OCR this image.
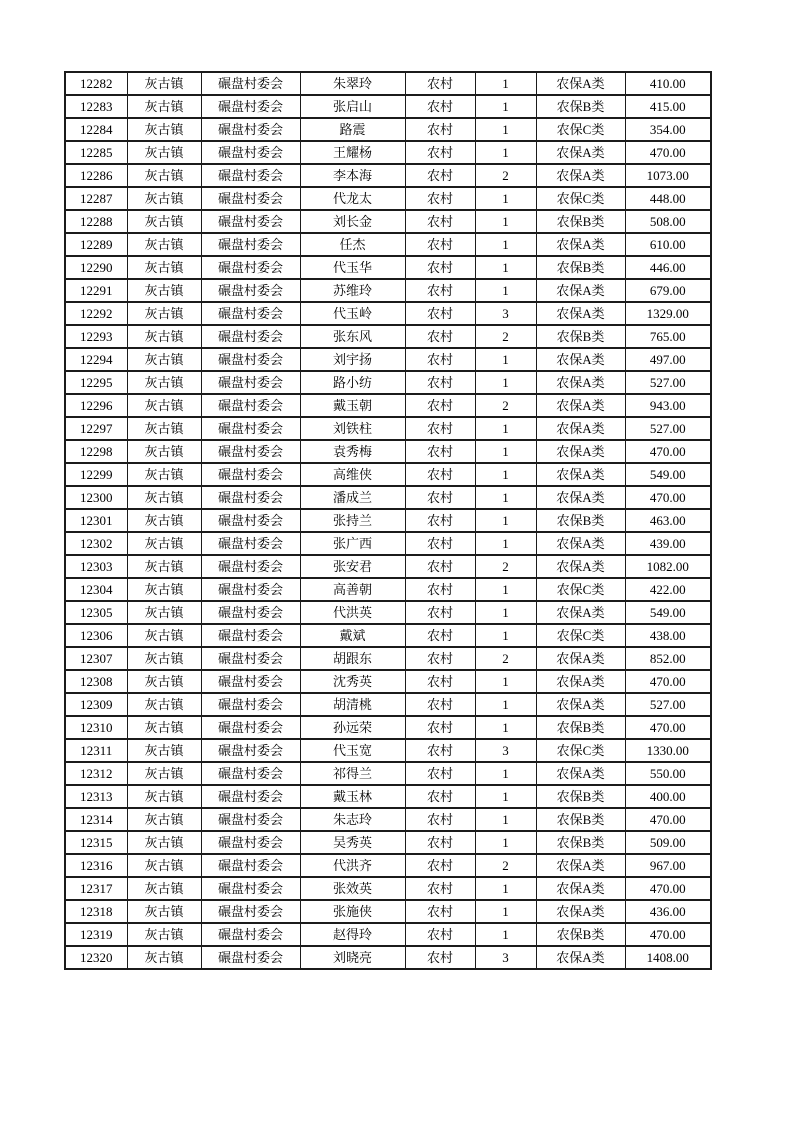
12282	灰古镇	碾盘村委会	朱翠玲	农村	1	农保A类	410.00
12283	灰古镇	碾盘村委会	张启山	农村	1	农保B类	415.00
12284	灰古镇	碾盘村委会	路震	农村	1	农保C类	354.00
12285	灰古镇	碾盘村委会	王耀杨	农村	1	农保A类	470.00
12286	灰古镇	碾盘村委会	李本海	农村	2	农保A类	1073.00
12287	灰古镇	碾盘村委会	代龙太	农村	1	农保C类	448.00
12288	灰古镇	碾盘村委会	刘长金	农村	1	农保B类	508.00
12289	灰古镇	碾盘村委会	任杰	农村	1	农保A类	610.00
12290	灰古镇	碾盘村委会	代玉华	农村	1	农保B类	446.00
12291	灰古镇	碾盘村委会	苏维玲	农村	1	农保A类	679.00
12292	灰古镇	碾盘村委会	代玉岭	农村	3	农保A类	1329.00
12293	灰古镇	碾盘村委会	张东风	农村	2	农保B类	765.00
12294	灰古镇	碾盘村委会	刘宇扬	农村	1	农保A类	497.00
12295	灰古镇	碾盘村委会	路小纺	农村	1	农保A类	527.00
12296	灰古镇	碾盘村委会	戴玉朝	农村	2	农保A类	943.00
12297	灰古镇	碾盘村委会	刘铁柱	农村	1	农保A类	527.00
12298	灰古镇	碾盘村委会	袁秀梅	农村	1	农保A类	470.00
12299	灰古镇	碾盘村委会	高维侠	农村	1	农保A类	549.00
12300	灰古镇	碾盘村委会	潘成兰	农村	1	农保A类	470.00
12301	灰古镇	碾盘村委会	张持兰	农村	1	农保B类	463.00
12302	灰古镇	碾盘村委会	张广西	农村	1	农保A类	439.00
12303	灰古镇	碾盘村委会	张安君	农村	2	农保A类	1082.00
12304	灰古镇	碾盘村委会	高善朝	农村	1	农保C类	422.00
12305	灰古镇	碾盘村委会	代洪英	农村	1	农保A类	549.00
12306	灰古镇	碾盘村委会	戴斌	农村	1	农保C类	438.00
12307	灰古镇	碾盘村委会	胡跟东	农村	2	农保A类	852.00
12308	灰古镇	碾盘村委会	沈秀英	农村	1	农保A类	470.00
12309	灰古镇	碾盘村委会	胡清桃	农村	1	农保A类	527.00
12310	灰古镇	碾盘村委会	孙远荣	农村	1	农保B类	470.00
12311	灰古镇	碾盘村委会	代玉宽	农村	3	农保C类	1330.00
12312	灰古镇	碾盘村委会	祁得兰	农村	1	农保A类	550.00
12313	灰古镇	碾盘村委会	戴玉林	农村	1	农保B类	400.00
12314	灰古镇	碾盘村委会	朱志玲	农村	1	农保B类	470.00
12315	灰古镇	碾盘村委会	吴秀英	农村	1	农保B类	509.00
12316	灰古镇	碾盘村委会	代洪齐	农村	2	农保A类	967.00
12317	灰古镇	碾盘村委会	张效英	农村	1	农保A类	470.00
12318	灰古镇	碾盘村委会	张施侠	农村	1	农保A类	436.00
12319	灰古镇	碾盘村委会	赵得玲	农村	1	农保B类	470.00
12320	灰古镇	碾盘村委会	刘晓亮	农村	3	农保A类	1408.00
